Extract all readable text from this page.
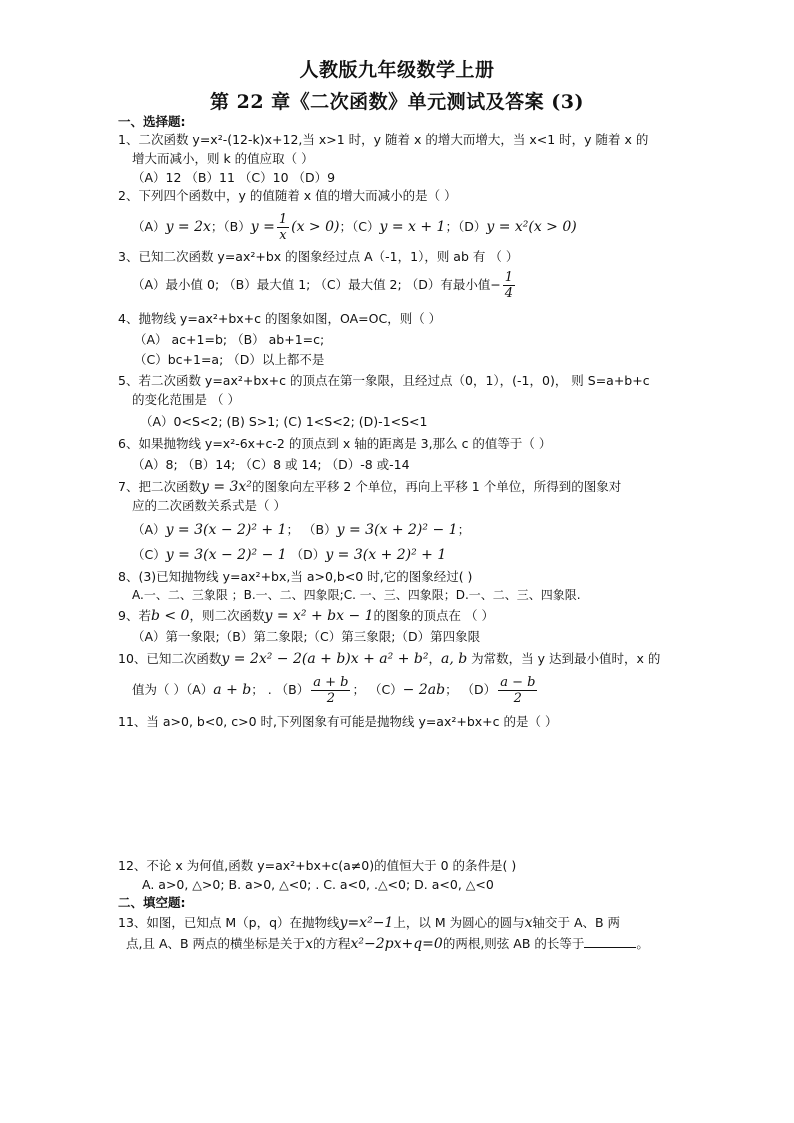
人教版九年级数学上册
第 22 章《二次函数》单元测试及答案 (3)
一、选择题:
1、二次函数 y=x²-(12-k)x+12,当 x>1 时，y 随着 x 的增大而增大，当 x<1 时，y 随着 x 的
增大而减小，则 k 的值应取（ ）
（A）12 （B）11 （C）10 （D）9
2、下列四个函数中，y 的值随着 x 值的增大而减小的是（ ）
（A）y = 2x；$(B)y = \frac{1}{x} (x > 0)$；（C）y = x + 1；（D）y = x²(x > 0)
3、已知二次函数 y=ax²+bx 的图象经过点 A（-1，1），则 ab 有 （ ）
（A）最小值 0; （B）最大值 1; （C）最大值 2; （D）有最小值− $\frac{1}{4}$
4、抛物线 y=ax²+bx+c 的图象如图，OA=OC，则（ ）
（A） ac+1=b; （B） ab+1=c;
（C）bc+1=a; （D）以上都不是
5、若二次函数 y=ax²+bx+c 的顶点在第一象限，且经过点（0，1），(-1，0)， 则 S=a+b+c
的变化范围是 （ ）
（A）0<S<2; (B) S>1; (C) 1<S<2; (D)-1<S<1
6、如果抛物线 y=x²-6x+c-2 的顶点到 x 轴的距离是 3,那么 c 的值等于（ ）
（A）8; （B）14; （C）8 或 14; （D）-8 或-14
7、把二次函数y = 3x²的图象向左平移 2 个单位，再向上平移 1 个单位，所得到的图象对
应的二次函数关系式是（ ）
（A）y = 3(x − 2)² + 1； （B）y = 3(x + 2)² − 1；
（C）y = 3(x − 2)² − 1 （D）y = 3(x + 2)² + 1
8、(3)已知抛物线 y=ax²+bx,当 a>0,b<0 时,它的图象经过( )
A.一、二、三象限 ；B.一、二、四象限;C. 一、三、四象限；D.一、二、三、四象限.
9、若b < 0，则二次函数y = x² + bx − 1的图象的顶点在 （ ）
（A）第一象限;（B）第二象限;（C）第三象限;（D）第四象限
10、已知二次函数y = 2x² − 2(a + b)x + a² + b²，a, b 为常数，当 y 达到最小值时，x 的
值为（ ）（A）a + b； . $(B) \frac{a + b}{2}$ ； （C）− 2ab； $(D) \frac{a - b}{2}$
11、当 a>0, b<0, c>0 时,下列图象有可能是抛物线 y=ax²+bx+c 的是（ ）
12、不论 x 为何值,函数 y=ax²+bx+c(a≠0)的值恒大于 0 的条件是( )
A. a>0, △>0; B. a>0, △<0; . C. a<0, .△<0; D. a<0, △<0
二、填空题:
13、如图，已知点 M（p，q）在抛物线y=x²−1上，以 M 为圆心的圆与x轴交于 A、B 两
点,且 A、B 两点的横坐标是关于x的方程x²−2px+q=0的两根,则弦 AB 的长等于	。
